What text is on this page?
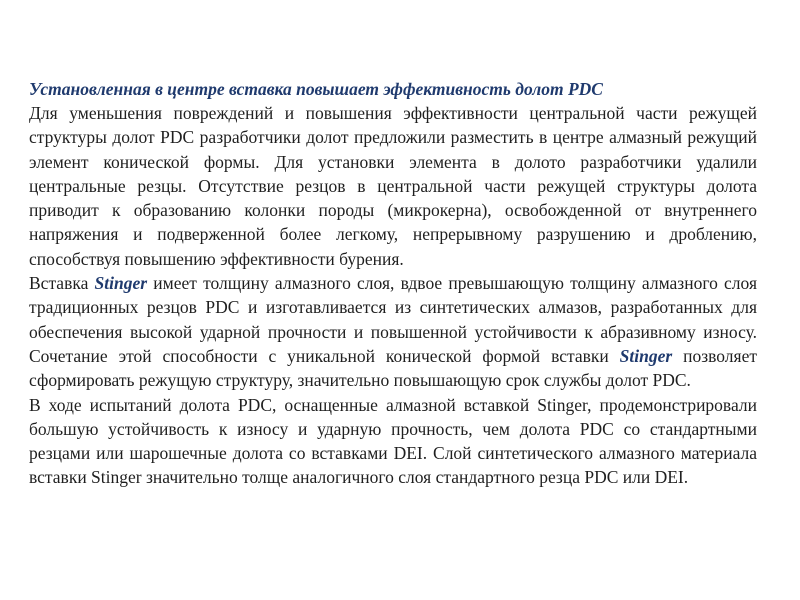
Установленная в центре вставка повышает эффективность долот PDC

Для уменьшения повреждений и повышения эффективности центральной части режущей структуры долот PDC разработчики долот предложили разместить в центре алмазный режущий элемент конической формы. Для установки элемента в долото разработчики удалили центральные резцы. Отсутствие резцов в центральной части режущей структуры долота приводит к образованию колонки породы (микрокерна), освобожденной от внутреннего напряжения и подверженной более легкому, непрерывному разрушению и дроблению, способствуя повышению эффективности бурения.

Вставка Stinger имеет толщину алмазного слоя, вдвое превышающую толщину алмазного слоя традиционных резцов PDC и изготавливается из синтетических алмазов, разработанных для обеспечения высокой ударной прочности и повышенной устойчивости к абразивному износу. Сочетание этой способности с уникальной конической формой вставки Stinger позволяет сформировать режущую структуру, значительно повышающую срок службы долот PDC.

В ходе испытаний долота PDC, оснащенные алмазной вставкой Stinger, продемонстрировали большую устойчивость к износу и ударную прочность, чем долота PDC со стандартными резцами или шарошечные долота со вставками DEI. Слой синтетического алмазного материала вставки Stinger значительно толще аналогичного слоя стандартного резца PDC или DEI.
